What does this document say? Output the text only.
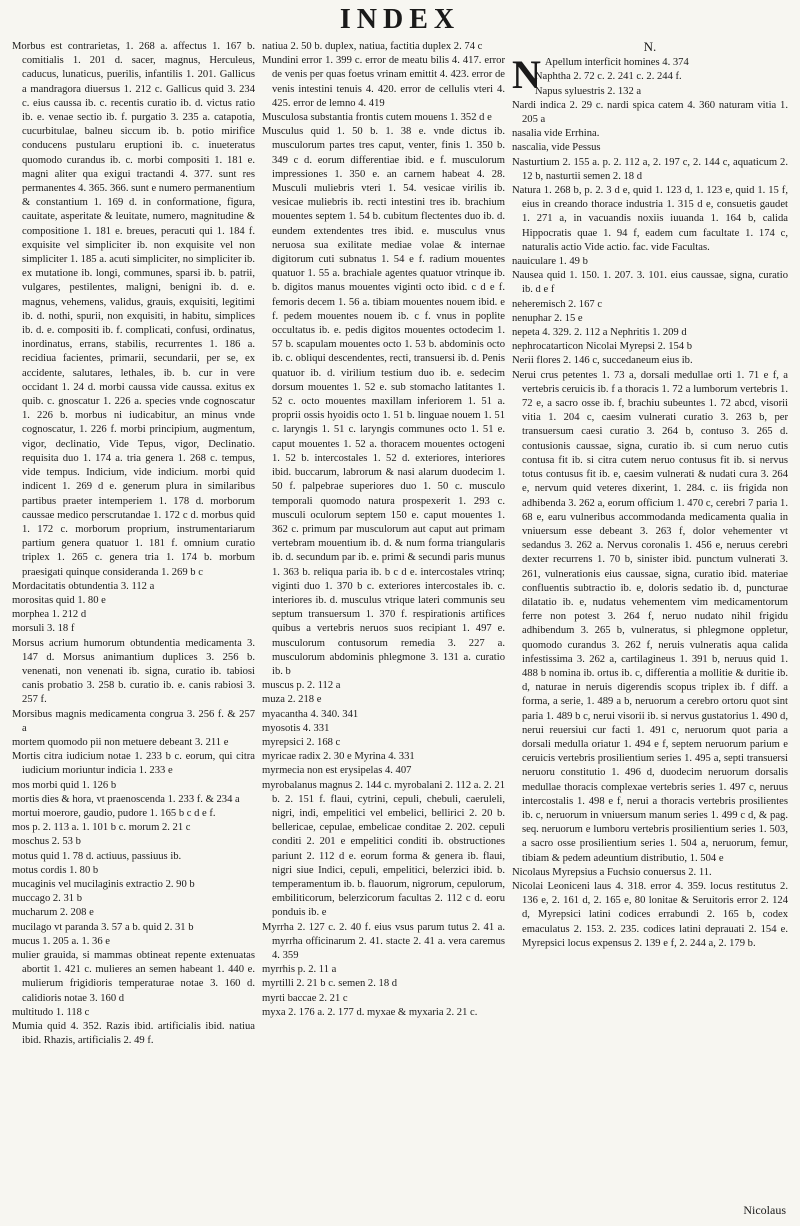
INDEX

Morbus est contrarietas, 1. 268 a. affectus 1. 167 b. comitialis 1. 201 d. sacer, magnus, Herculeus, caducus, lunaticus, puerilis, infantilis 1. 201. Gallicus a mandragora diuersus 1. 212 c. Gallicus quid 3. 234 c. eius caussa ib. c. recentis curatio ib. d. victus ratio ib. e. venae sectio ib. f. purgatio 3. 235 a. catapotia, cucurbitulae, balneu siccum ib. b. potio mirifice conducens pustularu eruptioni ib. c. inueteratus quomodo curandus ib. c. morbi compositi 1. 181 e. magni aliter qua exigui tractandi 4. 377. sunt res permanentes 4. 365. 366. sunt e numero permanentium & constantium 1. 169 d. in conformatione, figura, cauitate, asperitate & leuitate, numero, magnitudine & compositione 1. 181 e. breues, peracuti qui 1. 184 f. exquisite vel simpliciter ib. non exquisite vel non simpliciter 1. 185 a. acuti simpliciter, no simpliciter ib. ex mutatione ib. longi, communes, sparsi ib. b. patrii, vulgares, pestilentes, maligni, benigni ib. d. e. magnus, vehemens, validus, grauis, exquisiti, legitimi ib. d. nothi, spurii, non exquisiti, in habitu, simplices ib. d. e. compositi ib. f. complicati, confusi, ordinatus, inordinatus, errans, stabilis, recurrentes 1. 186 a. recidiua facientes, primarii, secundarii, per se, ex accidente, salutares, lethales, ib. b. cur in vere occidant 1. 24 d. morbi caussa vide caussa. exitus ex quib. c. gnoscatur 1. 226 a. species vnde cognoscatur 1. 226 b. morbus ni iudicabitur, an minus vnde cognoscatur, 1. 226 f. morbi principium, augmentum, vigor, declinatio, Vide Tepus, vigor, Declinatio. requisita duo 1. 174 a. tria genera 1. 268 c. tempus, vide tempus. Indicium, vide indicium. morbi quid indicent 1. 269 d e. generum plura in similaribus partibus praeter intemperiem 1. 178 d. morborum caussae medico perscrutandae 1. 172 c d. morbus quid 1. 172 c. morborum proprium, instrumentariarum partium genera quatuor 1. 181 f. omnium curatio triplex 1. 265 c. genera tria 1. 174 b. morbum praesigati quinque consideranda 1. 269 b c

Mordacitatis obtundentia 3. 112 a

morositas quid 1. 80 e

morphea 1. 212 d

morsuli 3. 18 f

Morsus acrium humorum obtundentia medicamenta 3. 147 d. Morsus animantium duplices 3. 256 b. venenati, non venenati ib. signa, curatio ib. tabiosi canis probatio 3. 258 b. curatio ib. e. canis rabiosi 3. 257 f.

Morsibus magnis medicamenta congrua 3. 256 f. & 257 a

mortem quomodo pii non metuere debeant 3. 211 e

Mortis citra iudicium notae 1. 233 b c. eorum, qui citra iudicium moriuntur indicia 1. 233 e

mos morbi quid 1. 126 b

mortis dies & hora, vt praenoscenda 1. 233 f. & 234 a

mortui moerore, gaudio, pudore 1. 165 b c d e f.

mos p. 2. 113 a. 1. 101 b c. morum 2. 21 c

moschus 2. 53 b

motus quid 1. 78 d. actiuus, passiuus ib.

motus cordis 1. 80 b

mucaginis vel mucilaginis extractio 2. 90 b

muccago 2. 31 b

mucharum 2. 208 e

mucilago vt paranda 3. 57 a b. quid 2. 31 b

mucus 1. 205 a. 1. 36 e

mulier grauida, si mammas obtineat repente extenuatas abortit 1. 421 c. mulieres an semen habeant 1. 440 e. mulierum frigidioris temperaturae notae 3. 160 d. calidioris notae 3. 160 d

multitudo 1. 118 c

Mumia quid 4. 352. Razis ibid. artificialis ibid. natiua ibid. Rhazis, artificialis 2. 49 f.

natiua 2. 50 b. duplex, natiua, factitia duplex 2. 74 c

Mundini error 1. 399 c. error de meatu bilis 4. 417. error de venis per quas foetus vrinam emittit 4. 423. error de venis intestini tenuis 4. 420. error de cellulis vteri 4. 425. error de lemno 4. 419

Musculosa substantia frontis cutem mouens 1. 352 d e

Musculus quid 1. 50 b. 1. 38 e. vnde dictus ib. musculorum partes tres caput, venter, finis 1. 350 b. 349 c d. eorum differentiae ibid. e f. musculorum impressiones 1. 350 e. an carnem habeat 4. 28. Musculi muliebris vteri 1. 54. vesicae virilis ib. vesicae muliebris ib. recti intestini tres ib. brachium mouentes septem 1. 54 b. cubitum flectentes duo ib. d. eundem extendentes tres ibid. e. musculus vnus neruosa sua exilitate mediae volae & internae digitorum cuti subnatus 1. 54 e f. radium mouentes quatuor 1. 55 a. brachiale agentes quatuor vtrinque ib. b. digitos manus mouentes viginti octo ibid. c d e f. femoris decem 1. 56 a. tibiam mouentes nouem ibid. e f. pedem mouentes nouem ib. c f. vnus in poplite occultatus ib. e. pedis digitos mouentes octodecim 1. 57 b. scapulam mouentes octo 1. 53 b. abdominis octo ib. c. obliqui descendentes, recti, transuersi ib. d. Penis quatuor ib. d. virilium testium duo ib. e. sedecim dorsum mouentes 1. 52 e. sub stomacho latitantes 1. 52 c. octo mouentes maxillam inferiorem 1. 51 a. proprii ossis hyoidis octo 1. 51 b. linguae nouem 1. 51 c. laryngis 1. 51 c. laryngis communes octo 1. 51 e. caput mouentes 1. 52 a. thoracem mouentes octogeni 1. 52 b. intercostales 1. 52 d. exteriores, interiores ibid. buccarum, labrorum & nasi alarum duodecim 1. 50 f. palpebrae superiores duo 1. 50 c. musculo temporali quomodo natura prospexerit 1. 293 c. musculi oculorum septem 150 e. caput mouentes 1. 362 c. primum par musculorum aut caput aut primam vertebram mouentium ib. d. & num forma triangularis ib. d. secundum par ib. e. primi & secundi paris munus 1. 363 b. reliqua paria ib. b c d e. intercostales vtrinq; viginti duo 1. 370 b c. exteriores intercostales ib. c. interiores ib. d. musculus vtrique lateri communis seu septum transuersum 1. 370 f. respirationis artifices quibus a vertebris neruos suos recipiant 1. 497 e. musculorum contusorum remedia 3. 227 a. musculorum abdominis phlegmone 3. 131 a. curatio ib. b

muscus p. 2. 112 a

muza 2. 218 e

myacantha 4. 340. 341

myosotis 4. 331

myrepsici 2. 168 c

myricae radix 2. 30 e Myrina 4. 331

myrmecia non est erysipelas 4. 407

myrobalanus magnus 2. 144 c. myrobalani 2. 112 a. 2. 21 b. 2. 151 f. flaui, cytrini, cepuli, chebuli, caeruleli, nigri, indi, empelitici vel embelici, bellirici 2. 20 b. bellericae, cepulae, embelicae conditae 2. 202. cepuli conditi 2. 201 e empelitici conditi ib. obstructiones pariunt 2. 112 d e. eorum forma & genera ib. flaui, nigri siue Indici, cepuli, empelitici, belerzici ibid. b. temperamentum ib. b. flauorum, nigrorum, cepulorum, embiliticorum, belerzicorum facultas 2. 112 c d. eoru ponduis ib. e

Myrrha 2. 127 c. 2. 40 f. eius vsus parum tutus 2. 41 a. myrrha officinarum 2. 41. stacte 2. 41 a. vera caremus 4. 359

myrrhis p. 2. 11 a

myrtilli 2. 21 b c. semen 2. 18 d

myrti baccae 2. 21 c

myxa 2. 176 a. 2. 177 d. myxae & myxaria 2. 21 c.

N.

N Apellum interficit homines 4. 374

Naphtha 2. 72 c. 2. 241 c. 2. 244 f.

Napus syluestris 2. 132 a

Nardi indica 2. 29 c. nardi spica catem 4. 360 naturam vitia 1. 205 a

nasalia vide Errhina.

nascalia, vide Pessus

Nasturtium 2. 155 a. p. 2. 112 a, 2. 197 c, 2. 144 c, aquaticum 2. 12 b, nasturtii semen 2. 18 d

Natura 1. 268 b, p. 2. 3 d e, quid 1. 123 d, 1. 123 e, quid 1. 15 f, eius in creando thorace industria 1. 315 d e, consuetis gaudet 1. 271 a, in vacuandis noxiis iuuanda 1. 164 b, calida Hippocratis quae 1. 94 f, eadem cum facultate 1. 174 c, naturalis actio Vide actio. fac. vide Facultas.

nauiculare 1. 49 b

Nausea quid 1. 150. 1. 207. 3. 101. eius caussae, signa, curatio ib. d e f

neheremisch 2. 167 c

nenuphar 2. 15 e

nepeta 4. 329. 2. 112 a Nephritis 1. 209 d

nephrocatarticon Nicolai Myrepsi 2. 154 b

Nerii flores 2. 146 c, succedaneum eius ib.

Nerui crus petentes 1. 73 a, dorsali medullae orti 1. 71 e f, a vertebris ceruicis ib. f a thoracis 1. 72 a lumborum vertebris 1. 72 e, a sacro osse ib. f, brachiu subeuntes 1. 72 abcd, visorii vitia 1. 204 c, caesim vulnerati curatio 3. 263 b, per transuersum caesi curatio 3. 264 b, contuso 3. 265 d. contusionis caussae, signa, curatio ib. si cum neruo cutis contusa fit ib. si citra cutem neruo contusus fit ib. si nervus totus contusus fit ib. e, caesim vulnerati & nudati cura 3. 264 e, nervum quid veteres dixerint, 1. 284. c. iis frigida non adhibenda 3. 262 a, eorum officium 1. 470 c, cerebri 7 paria 1. 68 e, earu vulneribus accommodanda medicamenta qualia in vniuersum esse debeant 3. 263 f, dolor vehementer vt sedandus 3. 262 a. Nervus coronalis 1. 456 e, neruus cerebri dexter recurrens 1. 70 b, sinister ibid. punctum vulnerati 3. 261, vulnerationis eius caussae, signa, curatio ibid. materiae confluentis subtractio ib. e, doloris sedatio ib. d, puncturae dilatatio ib. e, nudatus vehementem vim medicamentorum ferre non potest 3. 264 f, neruo nudato nihil frigidu adhibendum 3. 265 b, vulneratus, si phlegmone oppletur, quomodo curandus 3. 262 f, neruis vulneratis aqua calida infestissima 3. 262 a, cartilagineus 1. 391 b, neruus quid 1. 488 b nomina ib. ortus ib. c, differentia a mollitie & duritie ib. d, naturae in neruis digerendis scopus triplex ib. f diff. a forma, a serie, 1. 489 a b, neruorum a cerebro ortoru quot sint paria 1. 489 b c, nerui visorii ib. si nervus gustatorius 1. 490 d, nerui reuersiui cur facti 1. 491 c, neruorum quot paria a dorsali medulla oriatur 1. 494 e f, septem neruorum parium e ceruicis vertebris prosilientium series 1. 495 a, septi transuersi neruoru constitutio 1. 496 d, duodecim neruorum dorsalis medullae thoracis complexae vertebris series 1. 497 c, neruus intercostalis 1. 498 e f, nerui a thoracis vertebris prosilientes ib. c, neruorum in vniuersum manum series 1. 499 c d, & pag. seq. neruorum e lumboru vertebris prosilientium series 1. 503, a sacro osse prosilientium series 1. 504 a, neruorum, femur, tibiam & pedem adeuntium distributio, 1. 504 e

Nicolaus Myrepsius a Fuchsio conuersus 2. 11.

Nicolai Leoniceni laus 4. 318. error 4. 359. locus restitutus 2. 136 e, 2. 161 d, 2. 165 e, 80 lonitae & Seruitoris error 2. 124 d, Myrepsici latini codices errabundi 2. 165 b, codex emaculatus 2. 153. 2. 235. codices latini deprauati 2. 154 e. Myrepsici locus expensus 2. 139 e f, 2. 244 a, 2. 179 b.

Nicolaus
